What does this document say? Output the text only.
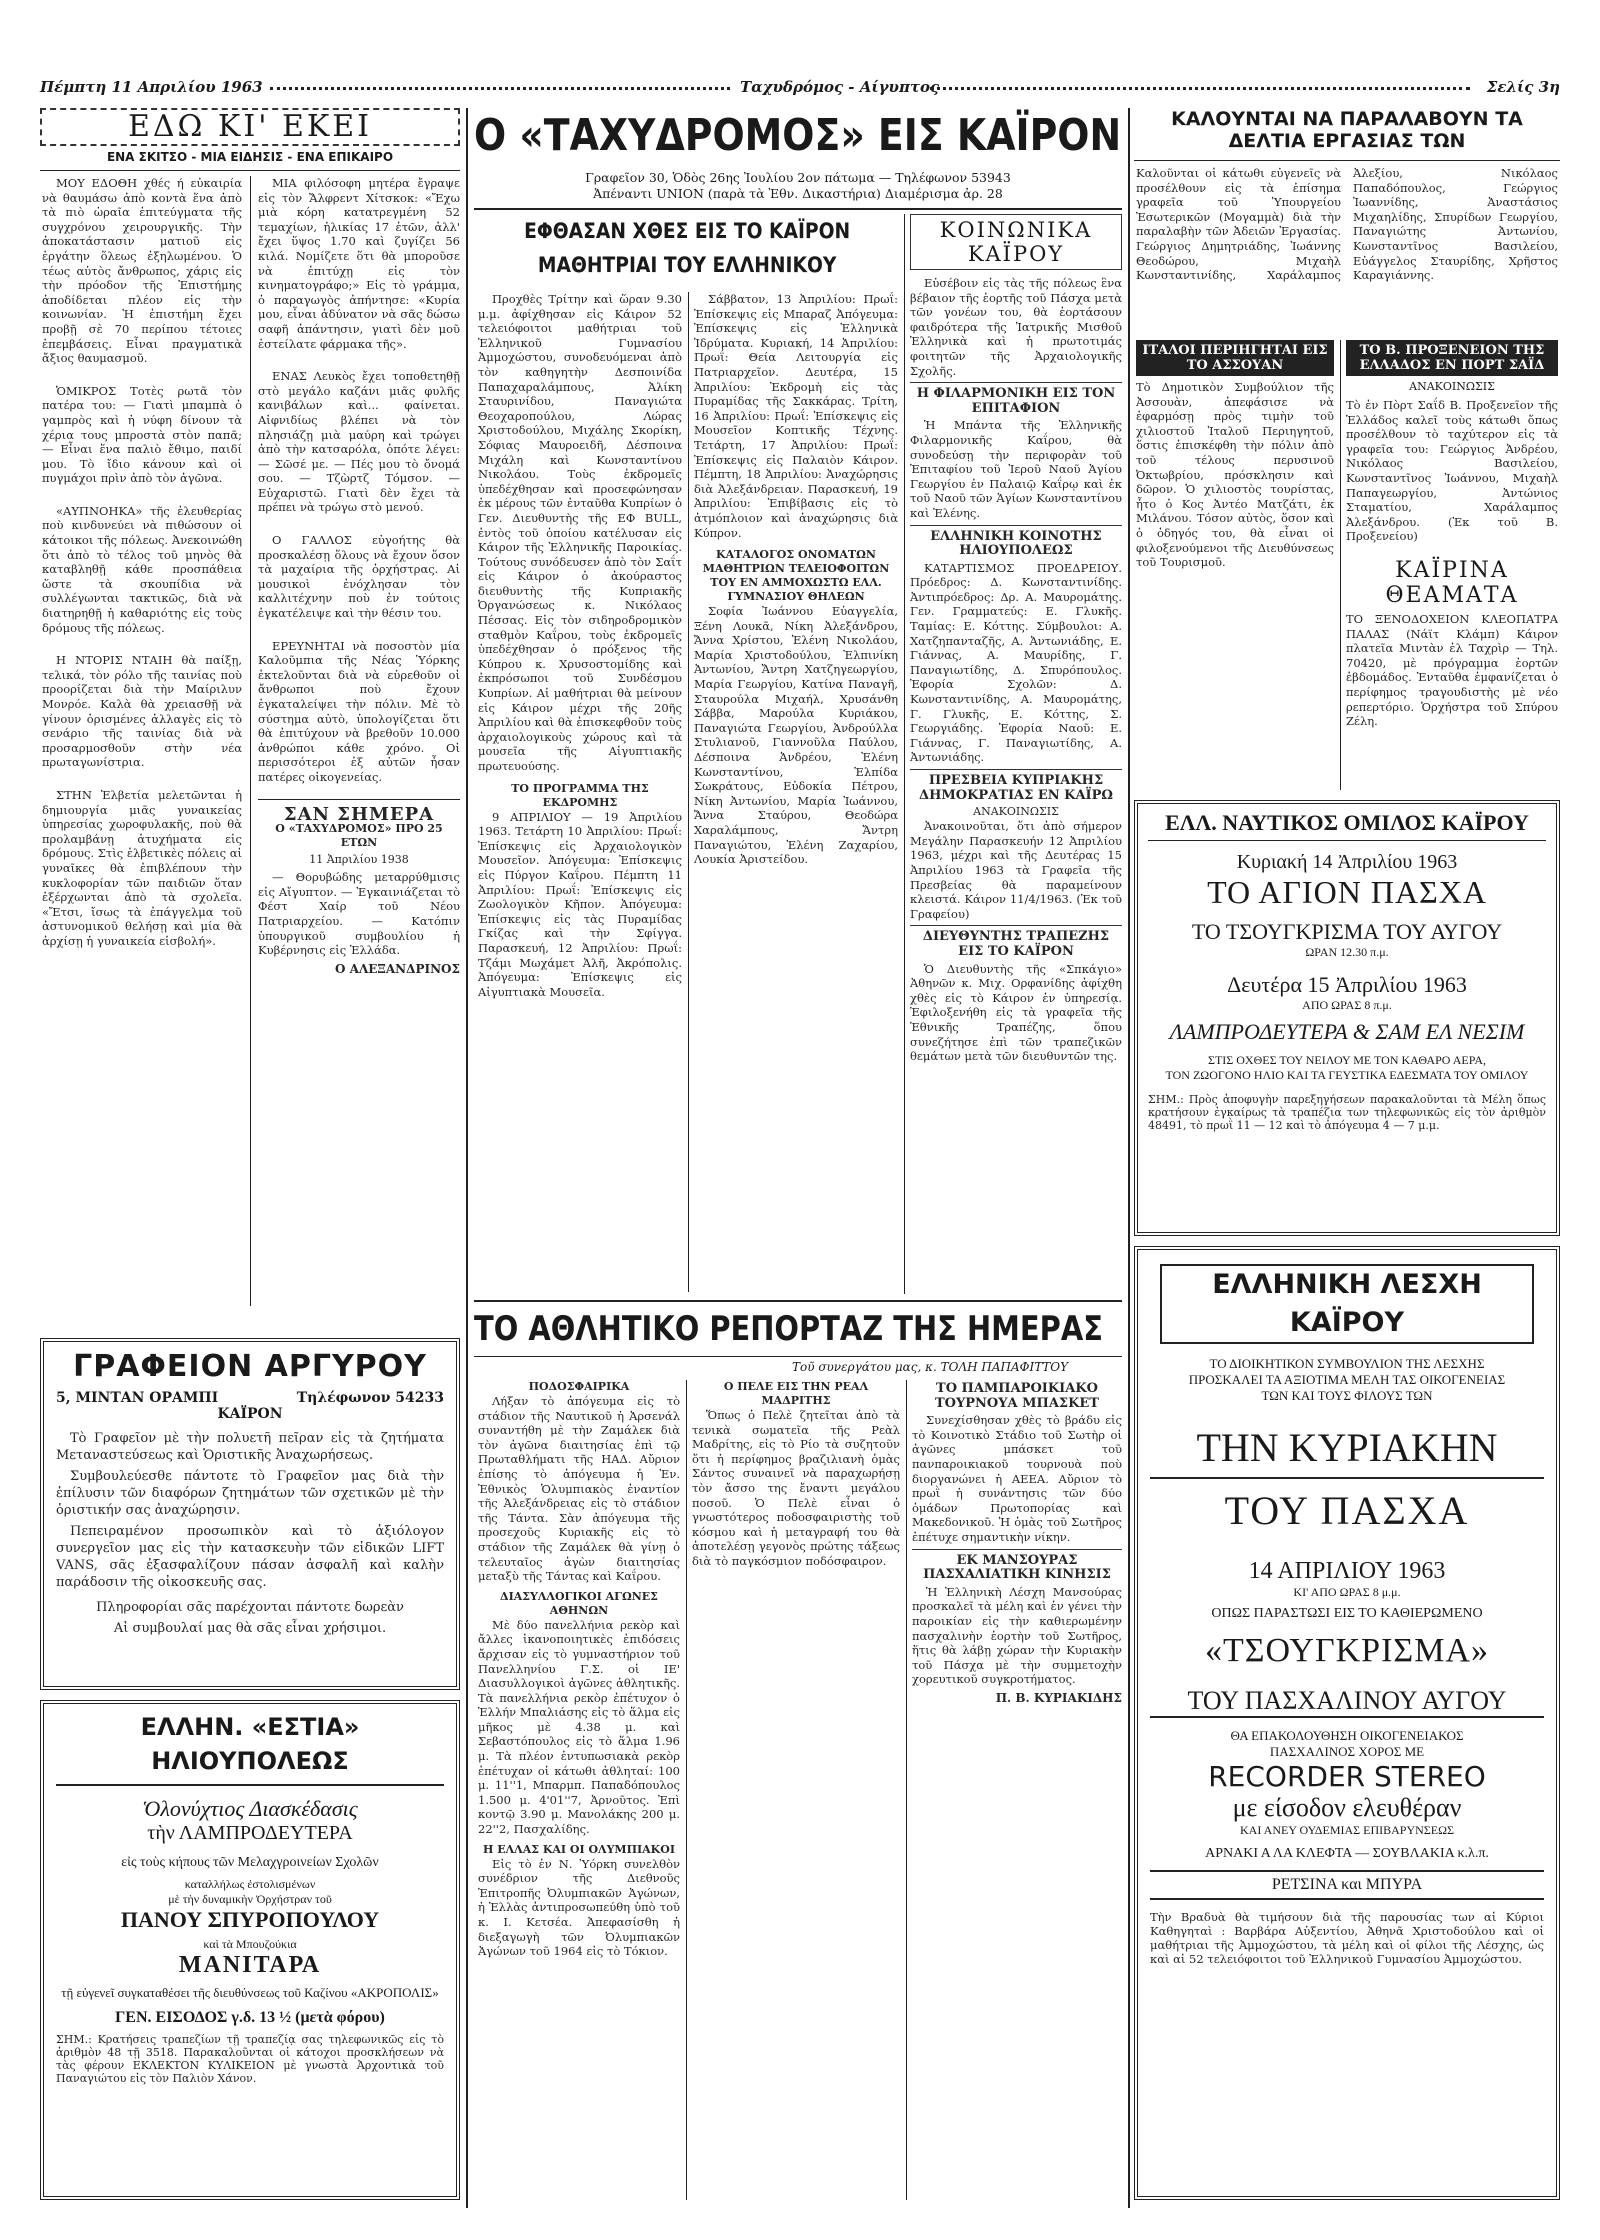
Πέμπτη 11 Απριλίου 1963	Ταχυδρόμος - Αίγυπτος	Σελίς 3η
ΕΔΩ ΚΙ' ΕΚΕΙ
ΕΝΑ ΣΚΙΤΣΟ - ΜΙΑ ΕΙΔΗΣΙΣ - ΕΝΑ ΕΠΙΚΑΙΡΟ

ΜΟΥ ΕΔΟΘΗ χθές ή εὐκαιρία νὰ θαυμάσω ἀπὸ κοντὰ ἕνα ἀπὸ τὰ πιὸ ὡραῖα ἐπιτεύγματα τῆς συγχρόνου χειρουργικῆς. Τὴν ἀποκατάστασιν ματιοῦ εἰς ἐργάτην ὅλεως ἐξηλωμένου. Ὁ τέως αὐτὸς ἄνθρωπος, χάρις εἰς τὴν πρόοδον τῆς Ἐπιστήμης ἀποδίδεται πλέον εἰς τὴν κοινωνίαν. Ἡ ἐπιστήμη ἔχει προβῇ σὲ 70 περίπου τέτοιες ἐπεμβάσεις. Εἶναι πραγματικὰ ἄξιος θαυμασμοῦ.

ὉΜΙΚΡΟΣ Τοτὲς ρωτᾶ τὸν πατέρα του: — Γιατὶ μπαμπὰ ὁ γαμπρὸς καὶ ἡ νύφη δίνουν τὰ χέρια τους μπροστὰ στὸν παπᾶ; — Εἶναι ἕνα παλιὸ ἔθιμο, παιδί μου. Τὸ ἴδιο κάνουν καὶ οἱ πυγμάχοι πρὶν ἀπὸ τὸν ἀγῶνα.

«ΑΥΠΝΟΗΚΑ» τῆς ἐλευθερίας ποὺ κινδυνεύει νὰ πιθώσουν οἱ κάτοικοι τῆς πόλεως. Ἀνεκοινώθη ὅτι ἀπὸ τὸ τέλος τοῦ μηνὸς θὰ καταβληθῇ κάθε προσπάθεια ὥστε τὰ σκουπίδια νὰ συλλέγωνται τακτικῶς, διὰ νὰ διατηρηθῇ ἡ καθαριότης εἰς τοὺς δρόμους τῆς πόλεως.

Η ΝΤΟΡΙΣ ΝΤΑΙΗ θὰ παίξῃ, τελικά, τὸν ρόλο τῆς ταινίας ποὺ προορίζεται διὰ τὴν Μαίριλυν Μονρόε. Καλὰ θὰ χρειασθῇ νὰ γίνουν ὁρισμένες ἀλλαγὲς εἰς τὸ σενάριο τῆς ταινίας διὰ νὰ προσαρμοσθοῦν στὴν νέα πρωταγωνίστρια.

ΣΤΗΝ Ἑλβετία μελετῶνται ἡ δημιουργία μιᾶς γυναικείας ὑπηρεσίας χωροφυλακῆς, ποὺ θὰ προλαμβάνῃ ἀτυχήματα εἰς δρόμους. Στὶς ἑλβετικὲς πόλεις αἱ γυναῖκες θὰ ἐπιβλέπουν τὴν κυκλοφορίαν τῶν παιδιῶν ὅταν ἐξέρχωνται ἀπὸ τὰ σχολεῖα. «Ἔτσι, ἴσως τὰ ἐπάγγελμα τοῦ ἀστυνομικοῦ θελήσῃ καὶ μία θὰ ἀρχίσῃ ἡ γυναικεία εἰσβολή».

ΜΙΑ φιλόσοφη μητέρα ἔγραψε εἰς τὸν Ἄλφρεντ Χίτσκοκ: «Ἔχω μιὰ κόρη κατατρεγμένη 52 τεμαχίων, ἡλικίας 17 ἐτῶν, ἀλλ' ἔχει ὕψος 1.70 καὶ ζυγίζει 56 κιλά. Νομίζετε ὅτι θὰ μποροῦσε νὰ ἐπιτύχῃ εἰς τὸν κινηματογράφο;» Εἰς τὸ γράμμα, ὁ παραγωγὸς ἀπήντησε: «Κυρία μου, εἶναι ἀδύνατον νὰ σᾶς δώσω σαφῆ ἀπάντησιν, γιατὶ δὲν μοῦ ἐστείλατε φάρμακα τῆς».

ΕΝΑΣ Λευκὸς ἔχει τοποθετηθῇ στὸ μεγάλο καζάνι μιᾶς φυλῆς κανιβάλων καὶ... φαίνεται. Αἰφνιδίως βλέπει νὰ τὸν πλησιάζῃ μιὰ μαύρη καὶ τρώγει ἀπὸ τὴν κατσαρόλα, ὁπότε λέγει: — Σῶσέ με. — Πές μου τὸ ὄνομά σου. — Τζὼρτζ Τόμσον. — Εὐχαριστῶ. Γιατὶ δὲν ἔχει τὰ πρέπει νὰ τρώγω στὸ μενού.

Ο ΓΑΛΛΟΣ εὐγοήτης θὰ προσκαλέσῃ ὅλους νὰ ἔχουν ὅσον τὰ μαχαίρια τῆς ὀρχήστρας. Αἱ μουσικοὶ ἐνόχλησαν τὸν καλλιτέχνην ποὺ ἐν τούτοις ἐγκατέλειψε καὶ τὴν θέσιν του.

ΕΡΕΥΝΗΤΑΙ νὰ ποσοστὸν μία Καλοῦμπια τῆς Νέας Ὑόρκης ἐκτελοῦνται διὰ νὰ εὑρεθοῦν οἱ ἄνθρωποι ποὺ ἔχουν ἐγκαταλείψει τὴν πόλιν. Μὲ τὸ σύστημα αὐτὸ, ὑπολογίζεται ὅτι θὰ ἐπιτύχουν νὰ βρεθοῦν 10.000 ἀνθρώποι κάθε χρόνο. Οἱ περισσότεροι ἐξ αὐτῶν ἦσαν πατέρες οἰκογενείας.

ΣΑΝ ΣΗΜΕΡΑ
Ο «ΤΑΧΥΔΡΟΜΟΣ» ΠΡΟ 25 ΕΤΩΝ
11 Ἀπριλίου 1938

— Θορυβώδης μεταρρύθμισις εἰς Αἴγυπτον. — Ἐγκαινιάζεται τὸ Φέστ Χαίρ τοῦ Νέου Πατριαρχείου. — Κατόπιν ὑπουργικοῦ συμβουλίου ἡ Κυβέρνησις εἰς Ἑλλάδα.

Ο ΑΛΕΞΑΝΔΡΙΝΟΣ
ΓΡΑΦΕΙΟΝ ΑΡΓΥΡΟΥ
5, ΜΙΝΤΑΝ ΟΡΑΜΠΙ	Τηλέφωνον 54233
ΚΑΪΡΟΝ

Τὸ Γραφεῖον μὲ τὴν πολυετῆ πεῖραν εἰς τὰ ζητήματα Μεταναστεύσεως καὶ Ὁριστικῆς Ἀναχωρήσεως.

Συμβουλεύεσθε πάντοτε τὸ Γραφεῖον μας διὰ τὴν ἐπίλυσιν τῶν διαφόρων ζητημάτων τῶν σχετικῶν μὲ τὴν ὁριστικήν σας ἀναχώρησιν.

Πεπειραμένον προσωπικὸν καὶ τὸ ἀξιόλογον συνεργεῖον μας εἰς τὴν κατασκευὴν τῶν εἰδικῶν LIFT VANS, σᾶς ἐξασφαλίζουν πάσαν ἀσφαλῆ καὶ καλὴν παράδοσιν τῆς οἰκοσκευῆς σας.

Πληροφορίαι σᾶς παρέχονται πάντοτε δωρεὰν
Αἱ συμβουλαί μας θὰ σᾶς εἶναι χρήσιμοι.
ΕΛΛΗΝ. «ΕΣΤΙΑ» ΗΛΙΟΥΠΟΛΕΩΣ
Ὁλονύχτιος Διασκέδασις
τὴν ΛΑΜΠΡΟΔΕΥΤΕΡΑ
εἰς τοὺς κήπους τῶν Μελαχγροινείων Σχολῶν
καταλλήλως ἐστολισμένων
μὲ τὴν δυναμικὴν Ὀρχήστραν τοῦ
ΠΑΝΟΥ ΣΠΥΡΟΠΟΥΛΟΥ
καὶ τὰ Μπουζούκια
ΜΑΝΙΤΑΡΑ
τῇ εὐγενεῖ συγκαταθέσει τῆς διευθύνσεως τοῦ Καζίνου «ΑΚΡΟΠΟΛΙΣ»
ΓΕΝ. ΕΙΣΟΔΟΣ γ.δ. 13 ½ (μετὰ φόρου)
ΣΗΜ.: Κρατήσεις τραπεζίων τῇ τραπεζίᾳ σας τηλεφωνικῶς εἰς τὸ ἀριθμὸν 48 τῇ 3518. Παρακαλοῦνται οἱ κάτοχοι προσκλήσεων νὰ τὰς φέρουν ΕΚΛΕΚΤΟΝ ΚΥΛΙΚΕΙΟΝ μὲ γνωστὰ Ἀρχοντικὰ τοῦ Παναγιώτου εἰς τὸν Παλιὸν Χάνον.
Ο «ΤΑΧΥΔΡΟΜΟΣ» ΕΙΣ ΚΑΪΡΟΝ
Γραφεῖον 30, Ὁδὸς 26ης Ἰουλίου 2ον πάτωμα — Τηλέφωνον 53943
Ἀπέναντι UNION (παρὰ τὰ Ἐθν. Δικαστήρια) Διαμέρισμα ἀρ. 28
ΕΦΘΑΣΑΝ ΧΘΕΣ ΕΙΣ ΤΟ ΚΑΪΡΟΝ ΜΑΘΗΤΡΙΑΙ ΤΟΥ ΕΛΛΗΝΙΚΟΥ

Προχθὲς Τρίτην καὶ ὥραν 9.30 μ.μ. ἀφίχθησαν εἰς Κάιρον 52 τελειόφοιτοι μαθήτριαι τοῦ Ἑλληνικοῦ Γυμνασίου Ἀμμοχώστου, συνοδευόμεναι ἀπὸ τὸν καθηγητὴν Δεσποινίδα Παπαχαραλάμπους, Ἀλίκη Σταυρινίδου, Παναγιώτα Θεοχαροπούλου, Λώρας Χριστοδούλου, Μιχάλης Σκορίκη, Σόφιας Μαυροειδῆ, Δέσποινα Μιχάλη καὶ Κωνσταντίνου Νικολάου. Τοὺς ἐκδρομεῖς ὑπεδέχθησαν καὶ προσεφώνησαν ἐκ μέρους τῶν ἐνταῦθα Κυπρίων ὁ Γεν. Διευθυντὴς τῆς ΕΦ BULL, ἐντὸς τοῦ ὁποίου κατέλυσαν εἰς Κάιρον τῆς Ἑλληνικῆς Παροικίας. Τούτους συνόδευσεν ἀπὸ τὸν Σαΐτ εἰς Κάιρον ὁ ἀκούραστος διευθυντὴς τῆς Κυπριακῆς Ὀργανώσεως κ. Νικόλαος Πέσσας. Εἰς τὸν σιδηροδρομικὸν σταθμὸν Καΐρου, τοὺς ἐκδρομεῖς ὑπεδέχθησαν ὁ πρόξενος τῆς Κύπρου κ. Χρυσοστομίδης καὶ ἐκπρόσωποι τοῦ Συνδέσμου Κυπρίων. Αἱ μαθήτριαι θὰ μείνουν εἰς Κάιρον μέχρι τῆς 20ῆς Ἀπριλίου καὶ θὰ ἐπισκεφθοῦν τοὺς ἀρχαιολογικοὺς χώρους καὶ τὰ μουσεῖα τῆς Αἰγυπτιακῆς πρωτευούσης.

ΤΟ ΠΡΟΓΡΑΜΜΑ ΤΗΣ ΕΚΔΡΟΜΗΣ

9 ΑΠΡΙΛΙΟΥ — 19 Ἀπριλίου 1963. Τετάρτη 10 Ἀπριλίου: Πρωΐ: Ἐπίσκεψις εἰς Ἀρχαιολογικὸν Μουσεῖον. Ἀπόγευμα: Ἐπίσκεψις εἰς Πύργον Καΐρου. Πέμπτη 11 Ἀπριλίου: Πρωΐ: Ἐπίσκεψις εἰς Ζωολογικὸν Κῆπον. Ἀπόγευμα: Ἐπίσκεψις εἰς τὰς Πυραμίδας Γκίζας καὶ τὴν Σφίγγα. Παρασκευή, 12 Ἀπριλίου: Πρωΐ: Τζάμι Μωχάμετ Ἀλῆ, Ἀκρόπολις. Ἀπόγευμα: Ἐπίσκεψις εἰς Αἰγυπτιακὰ Μουσεῖα.

Σάββατον, 13 Ἀπριλίου: Πρωΐ: Ἐπίσκεψις εἰς Μπαραζ Ἀπόγευμα: Ἐπίσκεψις εἰς Ἑλληνικὰ Ἱδρύματα. Κυριακή, 14 Ἀπριλίου: Πρωΐ: Θεία Λειτουργία εἰς Πατριαρχεῖον. Δευτέρα, 15 Ἀπριλίου: Ἐκδρομὴ εἰς τὰς Πυραμίδας τῆς Σακκάρας. Τρίτη, 16 Ἀπριλίου: Πρωΐ: Ἐπίσκεψις εἰς Μουσεῖον Κοπτικῆς Τέχνης. Τετάρτη, 17 Ἀπριλίου: Πρωΐ: Ἐπίσκεψις εἰς Παλαιὸν Κάιρον. Πέμπτη, 18 Ἀπριλίου: Ἀναχώρησις διὰ Ἀλεξάνδρειαν. Παρασκευή, 19 Ἀπριλίου: Ἐπιβίβασις εἰς τὸ ἀτμόπλοιον καὶ ἀναχώρησις διὰ Κύπρον.

ΚΑΤΑΛΟΓΟΣ ΟΝΟΜΑΤΩΝ ΜΑΘΗΤΡΙΩΝ ΤΕΛΕΙΟΦΟΙΤΩΝ ΤΟΥ ΕΝ ΑΜΜΟΧΩΣΤΩ ΕΛΛ. ΓΥΜΝΑΣΙΟΥ ΘΗΛΕΩΝ

Σοφία Ἰωάννου Εὐαγγελία, Ξένη Λουκᾶ, Νίκη Ἀλεξάνδρου, Ἄννα Χρίστου, Ἑλένη Νικολάου, Μαρία Χριστοδούλου, Ἐλπινίκη Ἀντωνίου, Ἄντρη Χατζηγεωργίου, Μαρία Γεωργίου, Κατίνα Παναγῆ, Σταυρούλα Μιχαήλ, Χρυσάνθη Σάββα, Μαρούλα Κυριάκου, Παναγιώτα Γεωργίου, Ἀνδρούλλα Στυλιανοῦ, Γιαννοῦλα Παύλου, Δέσποινα Ἀνδρέου, Ἑλένη Κωνσταντίνου, Ἑλπίδα Σωκράτους, Εὐδοκία Πέτρου, Νίκη Ἀντωνίου, Μαρία Ἰωάννου, Ἄννα Σταύρου, Θεοδώρα Χαραλάμπους, Ἄντρη Παναγιώτου, Ἑλένη Ζαχαρίου, Λουκία Ἀριστείδου.

ΚΟΙΝΩΝΙΚΑ ΚΑΪΡΟΥ

Εὐσέβοιν εἰς τὰς τῆς πόλεως ἓνα βέβαιον τῆς ἑορτῆς τοῦ Πάσχα μετὰ τῶν γονέων του, θὰ ἑορτάσουν φαιδρότερα τῆς Ἰατρικῆς Μισθοῦ Ἑλληνικὰ καὶ ἡ πρωτοτιμάς φοιτητῶν τῆς Ἀρχαιολογικῆς Σχολῆς.

Η ΦΙΛΑΡΜΟΝΙΚΗ ΕΙΣ ΤΟΝ ΕΠΙΤΑΦΙΟΝ

Ἡ Μπάντα τῆς Ἑλληνικῆς Φιλαρμονικῆς Καΐρου, θὰ συνοδεύσῃ τὴν περιφορὰν τοῦ Ἐπιταφίου τοῦ Ἱεροῦ Ναοῦ Ἁγίου Γεωργίου ἐν Παλαιῷ Καΐρῳ καὶ ἐκ τοῦ Ναοῦ τῶν Ἁγίων Κωνσταντίνου καὶ Ἑλένης.

ΕΛΛΗΝΙΚΗ ΚΟΙΝΟΤΗΣ ΗΛΙΟΥΠΟΛΕΩΣ

ΚΑΤΑΡΤΙΣΜΟΣ ΠΡΟΕΔΡΕΙΟΥ. Πρόεδρος: Δ. Κωνσταντινίδης. Ἀντιπρόεδρος: Δρ. Α. Μαυρομάτης. Γεν. Γραμματεύς: Ε. Γλυκῆς. Ταμίας: Ε. Κόττης. Σύμβουλοι: Α. Χατζηπανταζῆς, Α. Ἀντωνιάδης, Ε. Γιάννας, Α. Μαυρίδης, Γ. Παναγιωτίδης, Δ. Σπυρόπουλος. Ἐφορία Σχολῶν: Δ. Κωνσταντινίδης, Α. Μαυρομάτης, Γ. Γλυκῆς, Ε. Κόττης, Σ. Γεωργιάδης. Ἐφορία Ναοῦ: Ε. Γιάννας, Γ. Παναγιωτίδης, Α. Ἀντωνιάδης.

ΠΡΕΣΒΕΙΑ ΚΥΠΡΙΑΚΗΣ ΔΗΜΟΚΡΑΤΙΑΣ ΕΝ ΚΑΪΡΩ
ΑΝΑΚΟΙΝΩΣΙΣ

Ἀνακοινοῦται, ὅτι ἀπὸ σήμερον Μεγάλην Παρασκευήν 12 Ἀπριλίου 1963, μέχρι καὶ τῆς Δευτέρας 15 Ἀπριλίου 1963 τὰ Γραφεῖα τῆς Πρεσβείας θὰ παραμείνουν κλειστά. Κάιρον 11/4/1963. (Ἐκ τοῦ Γραφείου)

ΔΙΕΥΘΥΝΤΗΣ ΤΡΑΠΕΖΗΣ ΕΙΣ ΤΟ ΚΑΪΡΟΝ

Ὁ Διευθυντὴς τῆς «Σπκάγιο» Ἀθηνῶν κ. Μιχ. Ορφανίδης ἀφίχθη χθὲς εἰς τὸ Κάιρον ἐν ὑπηρεσίᾳ. Ἐφιλοξενήθη εἰς τὰ γραφεῖα τῆς Ἐθνικῆς Τραπέζης, ὅπου συνεζήτησε ἐπὶ τῶν τραπεζικῶν θεμάτων μετὰ τῶν διευθυντῶν της.

ΤΟ ΑΘΛΗΤΙΚΟ ΡΕΠΟΡΤΑΖ ΤΗΣ ΗΜΕΡΑΣ
Τοῦ συνεργάτου μας, κ. ΤΟΛΗ ΠΑΠΑΦΙΤΤΟΥ
ΠΟΔΟΣΦΑΙΡΙΚΑ

Λήξαν τὸ ἀπόγευμα εἰς τὸ στάδιον τῆς Ναυτικοῦ ἡ Ἀρσενάλ συναντήθη μὲ τὴν Ζαμάλεκ διὰ τὸν ἀγῶνα διαιτησίας ἐπὶ τῷ Πρωταθλήματι τῆς ΗΑΔ. Αὔριον ἐπίσης τὸ ἀπόγευμα ἡ Ἐν. Ἐθνικὸς Ὁλυμπιακὸς ἐναντίον τῆς Ἀλεξάνδρειας εἰς τὸ στάδιον τῆς Τάντα. Σὰν ἀπόγευμα τῆς προσεχοῦς Κυριακῆς εἰς τὸ στάδιον τῆς Ζαμάλεκ θὰ γίνῃ ὁ τελευταῖος ἀγὼν διαιτησίας μεταξὺ τῆς Τάντας καὶ Καΐρου.

ΔΙΑΣΥΛΛΟΓΙΚΟΙ ΑΓΩΝΕΣ ΑΘΗΝΩΝ

Μὲ δύο πανελλήνια ρεκὸρ καὶ ἄλλες ἱκανοποιητικὲς ἐπιδόσεις ἄρχισαν εἰς τὸ γυμναστήριον τοῦ Πανελληνίου Γ.Σ. οἱ ΙΕ' Διασυλλογικοὶ ἀγῶνες ἀθλητικῆς. Τὰ πανελλήνια ρεκὸρ ἐπέτυχον ὁ Ἑλλήν Μπαλιάσης εἰς τὸ ἅλμα εἰς μῆκος μὲ 4.38 μ. καὶ Σεβαστόπουλος εἰς τὸ ἅλμα 1.96 μ. Τὰ πλέον ἐντυπωσιακὰ ρεκὸρ ἐπέτυχαν οἱ κάτωθι ἀθληταί: 100 μ. 11''1, Μπαρμπ. Παπαδόπουλος 1.500 μ. 4'01''7, Ἀρνοῦτος. Ἐπὶ κοντῷ 3.90 μ. Μανολάκης 200 μ. 22''2, Πασχαλίδης.

Η ΕΛΛΑΣ ΚΑΙ ΟΙ ΟΛΥΜΠΙΑΚΟΙ

Εἰς τὸ ἐν Ν. Ὑόρκη συνελθὸν συνέδριον τῆς Διεθνοῦς Ἐπιτροπῆς Ὀλυμπιακῶν Ἀγώνων, ἡ Ἑλλὰς ἀντιπροσωπεύθη ὑπὸ τοῦ κ. Ι. Κετσέα. Ἀπεφασίσθη ἡ διεξαγωγὴ τῶν Ὀλυμπιακῶν Ἀγώνων τοῦ 1964 εἰς τὸ Τόκιον.

Ο ΠΕΛΕ ΕΙΣ ΤΗΝ ΡΕΑΛ ΜΑΔΡΙΤΗΣ

Ὅπως ὁ Πελὲ ζητεῖται ἀπὸ τὰ τενικὰ σωματεῖα τῆς Ρεὰλ Μαδρίτης, εἰς τὸ Ρίο τὰ συζητοῦν ὅτι ἡ περίφημος βραζιλιανὴ ὁμὰς Σάντος συναινεῖ νὰ παραχωρήσῃ τὸν ἄσσο της ἔναντι μεγάλου ποσοῦ. Ὁ Πελὲ εἶναι ὁ γνωστότερος ποδοσφαιριστὴς τοῦ κόσμου καὶ ἡ μεταγραφή του θὰ ἀποτελέσῃ γεγονὸς πρώτης τάξεως διὰ τὸ παγκόσμιον ποδόσφαιρον.

ΤΟ ΠΑΜΠΑΡΟΙΚΙΑΚΟ ΤΟΥΡΝΟΥΑ ΜΠΑΣΚΕΤ

Συνεχίσθησαν χθὲς τὸ βράδυ εἰς τὸ Κοινοτικὸ Στάδιο τοῦ Σωτὴρ οἱ ἀγῶνες μπάσκετ τοῦ πανπαροικιακοῦ τουρνουὰ ποὺ διοργανώνει ἡ ΑΕΕΑ. Αὔριον τὸ πρωῒ ἡ συνάντησις τῶν δύο ὁμάδων Πρωτοπορίας καὶ Μακεδονικοῦ. Ἡ ὁμὰς τοῦ Σωτῆρος ἐπέτυχε σημαντικὴν νίκην.

ΕΚ ΜΑΝΣΟΥΡΑΣ ΠΑΣΧΑΛΙΑΤΙΚΗ ΚΙΝΗΣΙΣ

Ἡ Ἑλληνικὴ Λέσχη Μανσούρας προσκαλεῖ τὰ μέλη καὶ ἐν γένει τὴν παροικίαν εἰς τὴν καθιερωμένην πασχαλινὴν ἑορτὴν τοῦ Σωτῆρος, ἥτις θὰ λάβῃ χώραν τὴν Κυριακὴν τοῦ Πάσχα μὲ τὴν συμμετοχὴν χορευτικοῦ συγκροτήματος.

Π. Β. ΚΥΡΙΑΚΙΔΗΣ
ΚΑΛΟΥΝΤΑΙ ΝΑ ΠΑΡΑΛΑΒΟΥΝ ΤΑ ΔΕΛΤΙΑ ΕΡΓΑΣΙΑΣ ΤΩΝ
Καλοῦνται οἱ κάτωθι εὐγενεῖς νὰ προσέλθουν εἰς τὰ ἐπίσημα γραφεῖα τοῦ Ὑπουργείου Ἐσωτερικῶν (Μογαμμὰ) διὰ τὴν παραλαβὴν τῶν Ἀδειῶν Ἐργασίας. Γεώργιος Δημητριάδης, Ἰωάννης Θεοδώρου, Μιχαὴλ Κωνσταντινίδης, Χαράλαμπος Ἀλεξίου, Νικόλαος Παπαδόπουλος, Γεώργιος Ἰωαννίδης, Ἀναστάσιος Μιχαηλίδης, Σπυρίδων Γεωργίου, Παναγιώτης Ἀντωνίου, Κωνσταντῖνος Βασιλείου, Εὐάγγελος Σταυρίδης, Χρῆστος Καραγιάννης.
ΤΟ Β. ΠΡΟΞΕΝΕΙΟΝ ΤΗΣ ΕΛΛΑΔΟΣ ΕΝ ΠΟΡΤ ΣΑΪΔ
ΑΝΑΚΟΙΝΩΣΙΣ
Τὸ ἐν Πὸρτ Σαΐδ Β. Προξενεῖον τῆς Ἑλλάδος καλεῖ τοὺς κάτωθι ὅπως προσέλθουν τὸ ταχύτερον εἰς τὰ γραφεῖα του: Γεώργιος Ἀνδρέου, Νικόλαος Βασιλείου, Κωνσταντῖνος Ἰωάννου, Μιχαὴλ Παπαγεωργίου, Ἀντώνιος Σταματίου, Χαράλαμπος Ἀλεξάνδρου. (Ἐκ τοῦ Β. Προξενείου)
ΚΑΪΡΙΝΑ ΘΕΑΜΑΤΑ
ΤΟ ΞΕΝΟΔΟΧΕΙΟΝ ΚΛΕΟΠΑΤΡΑ ΠΑΛΑΣ (Νάϊτ Κλάμπ) Κάιρον πλατεῖα Μιντὰν ἐλ Ταχρὶρ — Τηλ. 70420, μὲ πρόγραμμα ἑορτῶν ἐβδομάδος. Ἐνταῦθα ἐμφανίζεται ὁ περίφημος τραγουδιστὴς μὲ νέο ρεπερτόριο. Ὁρχήστρα τοῦ Σπύρου Ζέλη.
ΙΤΑΛΟΙ ΠΕΡΙΗΓΗΤΑΙ ΕΙΣ ΤΟ ΑΣΣΟΥΑΝ
Τὸ Δημοτικὸν Συμβούλιον τῆς Ἀσσουὰν, ἀπεφάσισε νὰ ἐφαρμόσῃ πρὸς τιμὴν τοῦ χιλιοστοῦ Ἰταλοῦ Περιηγητοῦ, ὅστις ἐπισκέφθη τὴν πόλιν ἀπὸ τοῦ τέλους περυσινοῦ Ὀκτωβρίου, πρόσκλησιν καὶ δῶρον. Ὁ χιλιοστὸς τουρίστας, ἦτο ὁ Κος Ἀντέο Ματζάτι, ἐκ Μιλάνου. Τόσον αὐτὸς, ὅσον καὶ ὁ ὁδηγός του, θὰ εἶναι οἱ φιλοξενούμενοι τῆς Διευθύνσεως τοῦ Τουρισμοῦ.
ΕΛΛ. ΝΑΥΤΙΚΟΣ ΟΜΙΛΟΣ ΚΑΪΡΟΥ
Κυριακή 14 Ἀπριλίου 1963
ΤΟ ΑΓΙΟΝ ΠΑΣΧΑ
ΤΟ ΤΣΟΥΓΚΡΙΣΜΑ ΤΟΥ ΑΥΓΟΥ
ΩΡΑΝ 12.30 π.μ.
Δευτέρα 15 Ἀπριλίου 1963
ΑΠΟ ΩΡΑΣ 8 π.μ.
ΛΑΜΠΡΟΔΕΥΤΕΡΑ & ΣΑΜ ΕΛ ΝΕΣΙΜ
ΣΤΙΣ ΟΧΘΕΣ ΤΟΥ ΝΕΙΛΟΥ ΜΕ ΤΟΝ ΚΑΘΑΡΟ ΑΕΡΑ,
ΤΟΝ ΖΩΟΓΟΝΟ ΗΛΙΟ ΚΑΙ ΤΑ ΓΕΥΣΤΙΚΑ ΕΔΕΣΜΑΤΑ ΤΟΥ ΟΜΙΛΟΥ
ΣΗΜ.: Πρὸς ἀποφυγὴν παρεξηγήσεων παρακαλοῦνται τὰ Μέλη ὅπως κρατήσουν ἐγκαίρως τὰ τραπέζια των τηλεφωνικῶς εἰς τὸν ἀριθμὸν 48491, τὸ πρωῒ 11 — 12 καὶ τὸ ἀπόγευμα 4 — 7 μ.μ.
ΕΛΛΗΝΙΚΗ ΛΕΣΧΗ ΚΑΪΡΟΥ
ΤΟ ΔΙΟΙΚΗΤΙΚΟΝ ΣΥΜΒΟΥΛΙΟΝ ΤΗΣ ΛΕΣΧΗΣ
ΠΡΟΣΚΑΛΕΙ ΤΑ ΑΞΙΟΤΙΜΑ ΜΕΛΗ ΤΑΣ ΟΙΚΟΓΕΝΕΙΑΣ
ΤΩΝ ΚΑΙ ΤΟΥΣ ΦΙΛΟΥΣ ΤΩΝ
ΤΗΝ ΚΥΡΙΑΚΗΝ
ΤΟΥ ΠΑΣΧΑ
14 ΑΠΡΙΛΙΟΥ 1963
ΚΙ' ΑΠΟ ΩΡΑΣ 8 μ.μ.
ΟΠΩΣ ΠΑΡΑΣΤΩΣΙ ΕΙΣ ΤΟ ΚΑΘΙΕΡΩΜΕΝΟ
«ΤΣΟΥΓΚΡΙΣΜΑ»
ΤΟΥ ΠΑΣΧΑΛΙΝΟΥ ΑΥΓΟΥ
ΘΑ ΕΠΑΚΟΛΟΥΘΗΣΗ ΟΙΚΟΓΕΝΕΙΑΚΟΣ
ΠΑΣΧΑΛΙΝΟΣ ΧΟΡΟΣ ΜΕ
RECORDER STEREO
με είσοδον ελευθέραν
ΚΑΙ ΑΝΕΥ ΟΥΔΕΜΙΑΣ ΕΠΙΒΑΡΥΝΣΕΩΣ
ΑΡΝΑΚΙ Α ΛΑ ΚΛΕΦΤΑ — ΣΟΥΒΛΑΚΙΑ κ.λ.π.
ΡΕΤΣΙΝΑ και ΜΠΥΡΑ
Τὴν Βραδυὰ θὰ τιμήσουν διὰ τῆς παρουσίας των αἱ Κύριοι Καθηγηταὶ : Βαρβάρα Αὐξεντίου, Ἀθηνᾶ Χριστοδούλου καὶ οἱ μαθήτριαι τῆς Ἀμμοχώστου, τὰ μέλη καὶ οἱ φίλοι τῆς Λέσχης, ὡς καὶ αἱ 52 τελειόφοιτοι τοῦ Ἑλληνικοῦ Γυμνασίου Ἀμμοχώστου.
